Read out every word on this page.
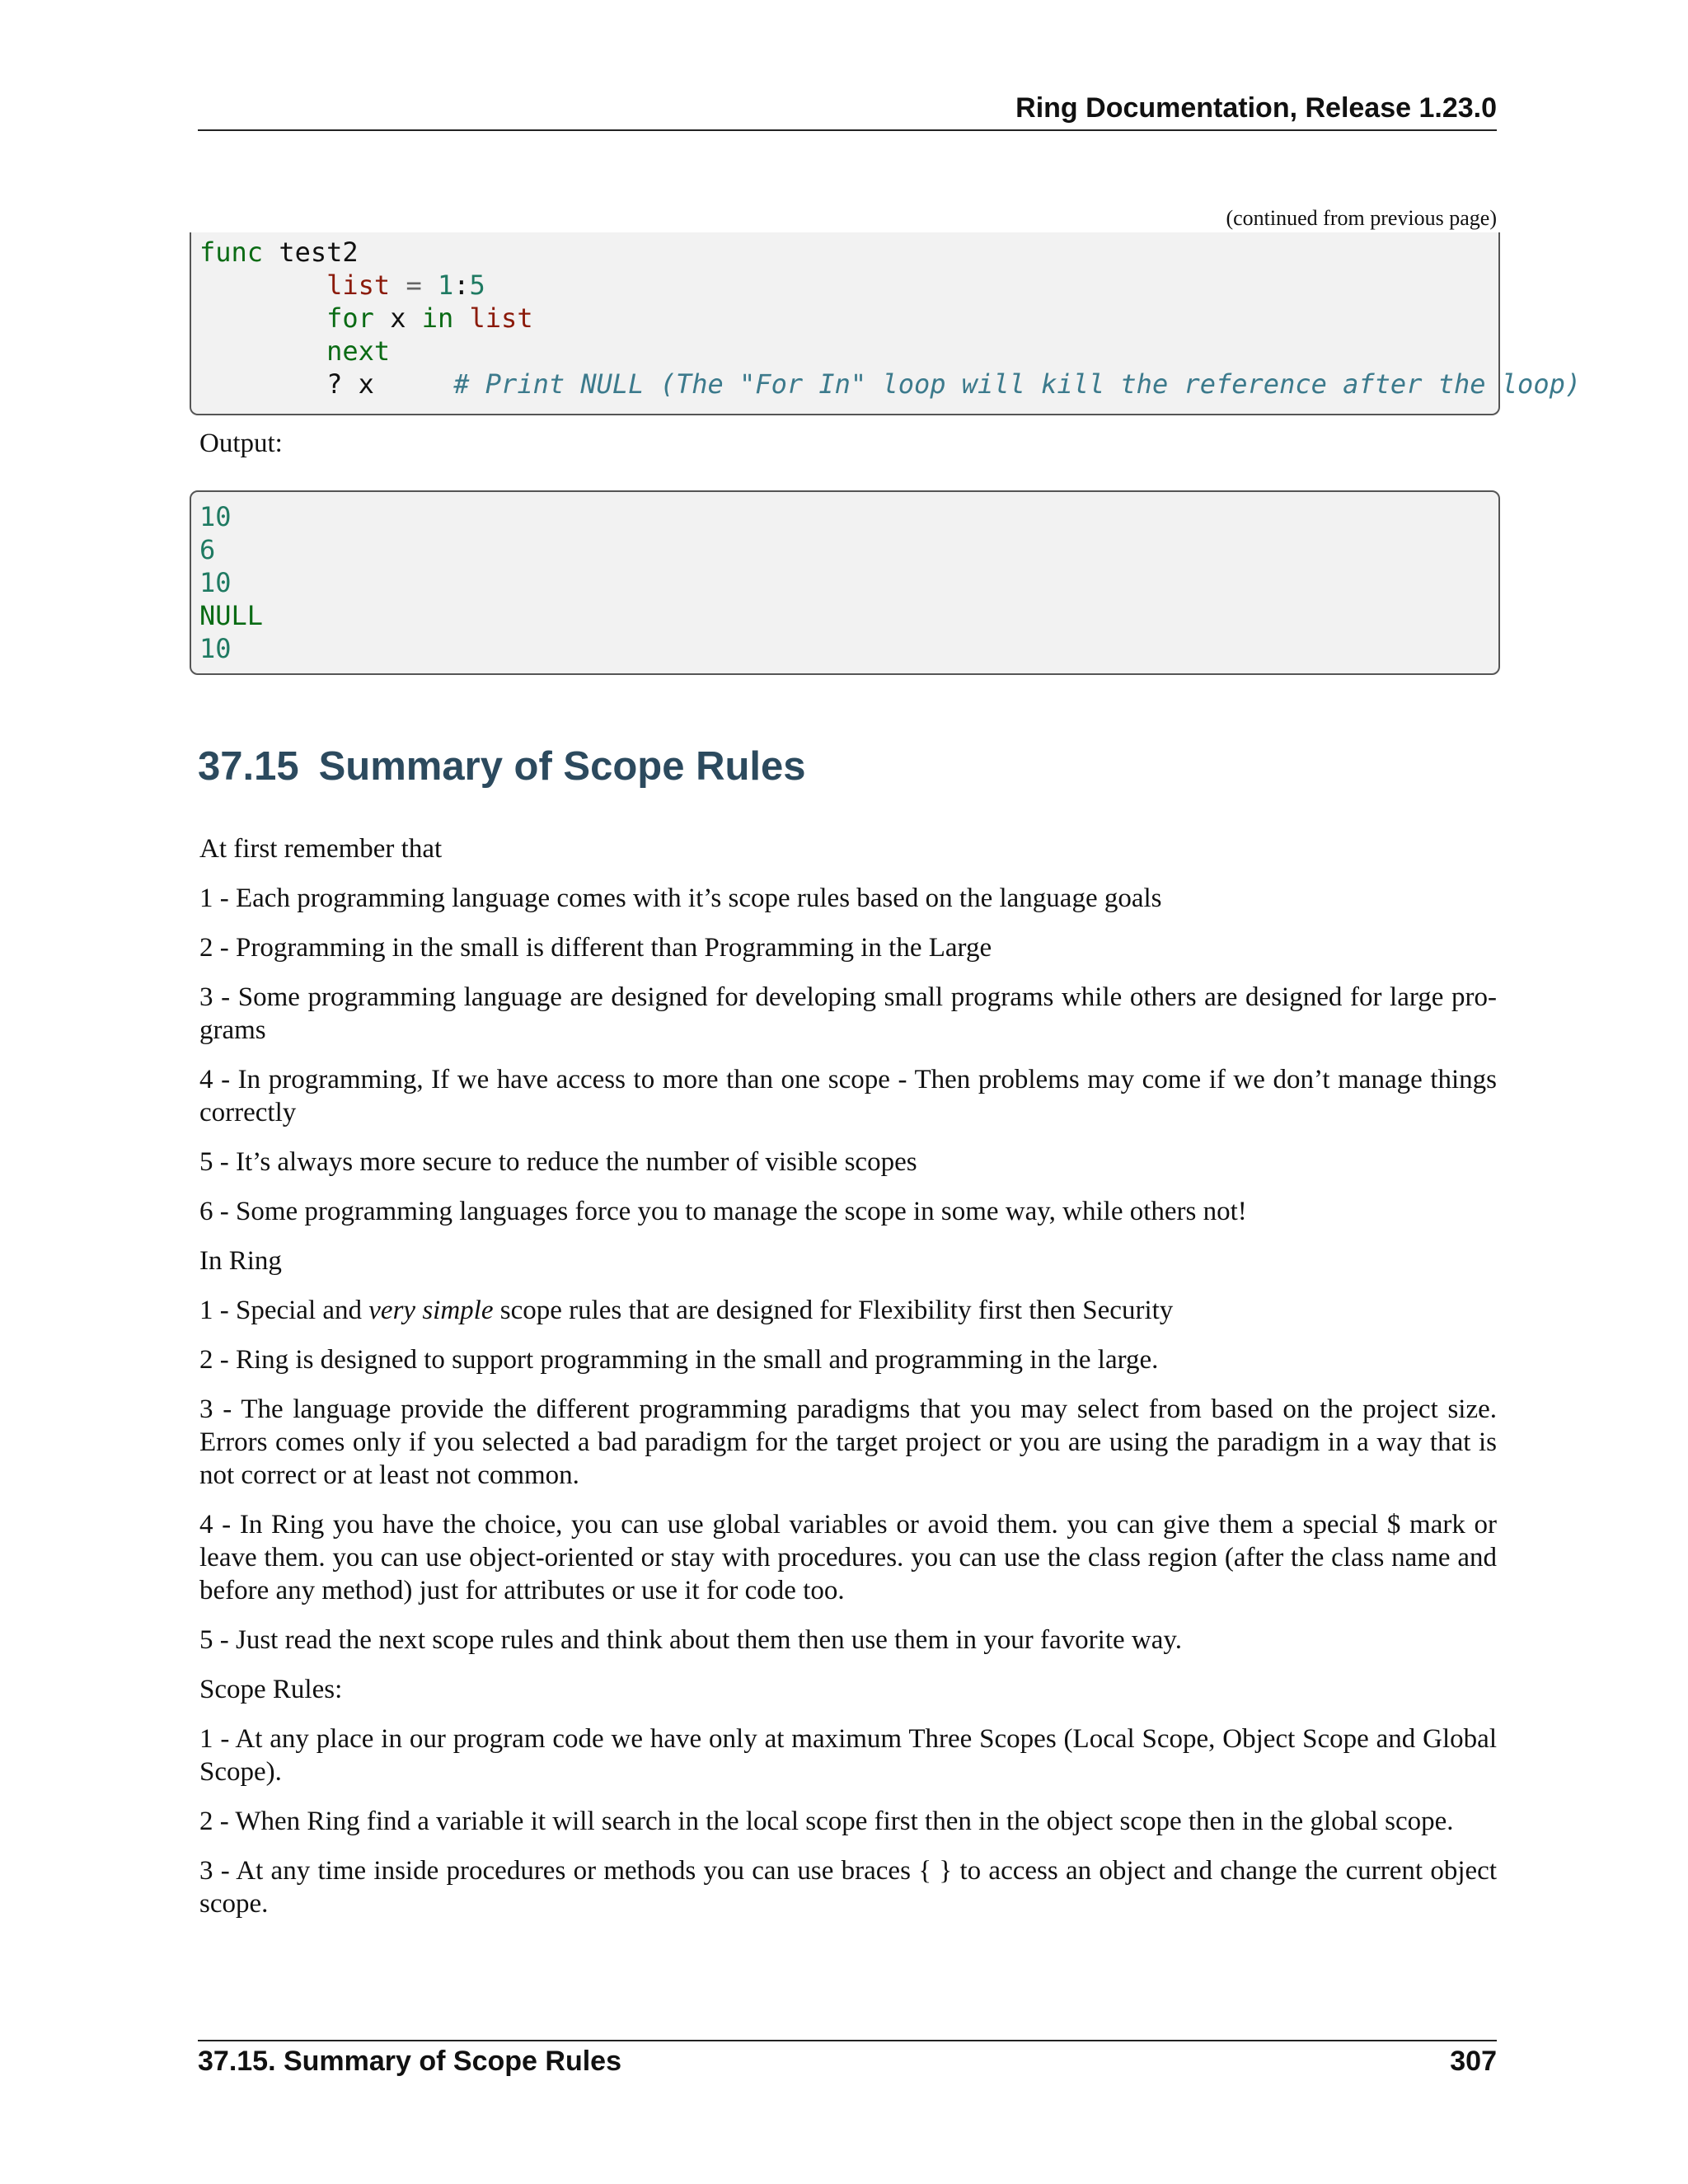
Ring Documentation, Release 1.23.0
(continued from previous page)
func test2
list = 1:5
for x in list
next
? x     # Print NULL (The "For In" loop will kill the reference after the loop)
Output:
10
6
10
NULL
10
37.15 Summary of Scope Rules

At first remember that

1 - Each programming language comes with it’s scope rules based on the language goals

2 - Programming in the small is different than Programming in the Large

3 - Some programming language are designed for developing small programs while others are designed for large pro-grams

4 - In programming, If we have access to more than one scope - Then problems may come if we don’t manage things correctly

5 - It’s always more secure to reduce the number of visible scopes

6 - Some programming languages force you to manage the scope in some way, while others not!

In Ring

1 - Special and very simple scope rules that are designed for Flexibility first then Security

2 - Ring is designed to support programming in the small and programming in the large.

3 - The language provide the different programming paradigms that you may select from based on the project size. Errors comes only if you selected a bad paradigm for the target project or you are using the paradigm in a way that is not correct or at least not common.

4 - In Ring you have the choice, you can use global variables or avoid them. you can give them a special $ mark or leave them. you can use object-oriented or stay with procedures. you can use the class region (after the class name and before any method) just for attributes or use it for code too.

5 - Just read the next scope rules and think about them then use them in your favorite way.

Scope Rules:

1 - At any place in our program code we have only at maximum Three Scopes (Local Scope, Object Scope and Global Scope).

2 - When Ring find a variable it will search in the local scope first then in the object scope then in the global scope.

3 - At any time inside procedures or methods you can use braces { } to access an object and change the current object scope.

37.15. Summary of Scope Rules	307
